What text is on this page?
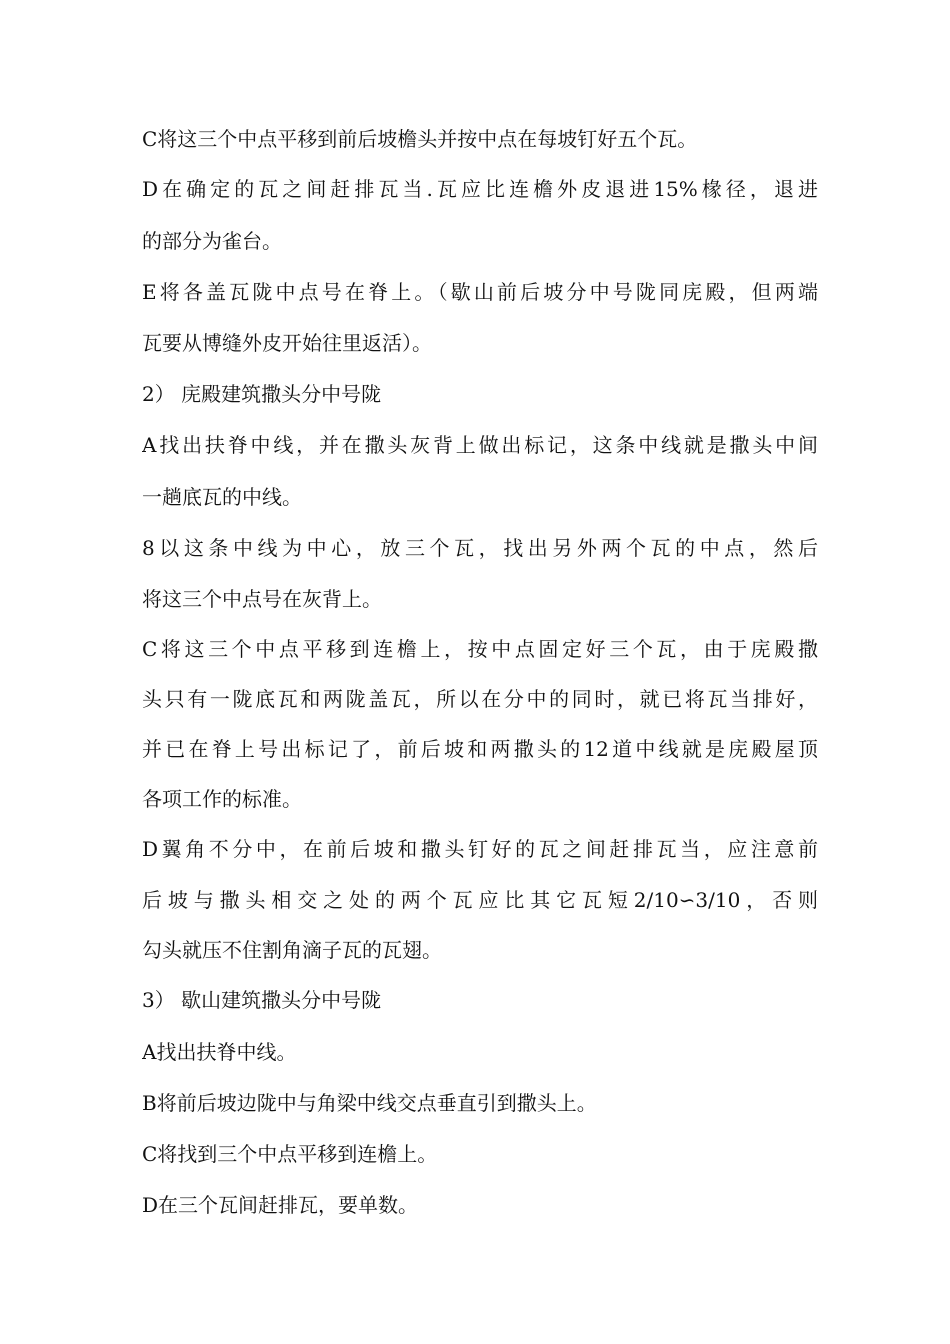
C将这三个中点平移到前后坡檐头并按中点在每坡钉好五个瓦。
D在确定的瓦之间赶排瓦当.瓦应比连檐外皮退进15%椽径，退进
的部分为雀台。
E将各盖瓦陇中点号在脊上。（歇山前后坡分中号陇同庑殿，但两端
瓦要从博缝外皮开始往里返活）。
2） 庑殿建筑撒头分中号陇
A找出扶脊中线，并在撒头灰背上做出标记，这条中线就是撒头中间
一趟底瓦的中线。
8以这条中线为中心，放三个瓦，找出另外两个瓦的中点，然后
将这三个中点号在灰背上。
C将这三个中点平移到连檐上，按中点固定好三个瓦，由于庑殿撒
头只有一陇底瓦和两陇盖瓦，所以在分中的同时，就已将瓦当排好，
并已在脊上号出标记了，前后坡和两撒头的12道中线就是庑殿屋顶
各项工作的标准。
D翼角不分中，在前后坡和撒头钉好的瓦之间赶排瓦当，应注意前
后坡与撒头相交之处的两个瓦应比其它瓦短2/10∽3/10，否则
勾头就压不住割角滴子瓦的瓦翅。
3） 歇山建筑撒头分中号陇
A找出扶脊中线。
B将前后坡边陇中与角梁中线交点垂直引到撒头上。
C将找到三个中点平移到连檐上。
D在三个瓦间赶排瓦，要单数。
